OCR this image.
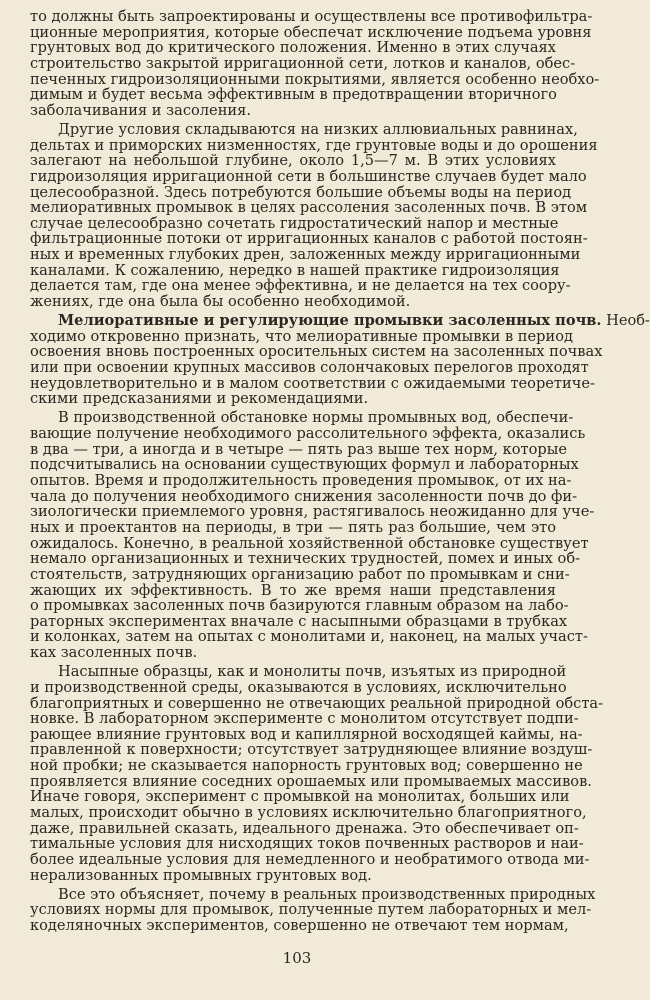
то должны быть запроектированы и осуществлены все противофильтра-
ционные мероприятия, которые обеспечат исключение подъема уровня
грунтовых вод до критического положения. Именно в этих случаях
строительство закрытой ирригационной сети, лотков и каналов, обес-
печенных гидроизоляционными покрытиями, является особенно необхо-
димым и будет весьма эффективным в предотвращении вторичного
заболачивания и засоления.
Другие условия складываются на низких аллювиальных равнинах,
дельтах и приморских низменностях, где грунтовые воды и до орошения
залегают на небольшой глубине, около 1,5—7 м. В этих условиях
гидроизоляция ирригационной сети в большинстве случаев будет мало
целесообразной. Здесь потребуются большие объемы воды на период
мелиоративных промывок в целях рассоления засоленных почв. В этом
случае целесообразно сочетать гидростатический напор и местные
фильтрационные потоки от ирригационных каналов с работой постоян-
ных и временных глубоких дрен, заложенных между ирригационными
каналами. К сожалению, нередко в нашей практике гидроизоляция
делается там, где она менее эффективна, и не делается на тех соору-
жениях, где она была бы особенно необходимой.
Мелиоративные и регулирующие промывки засоленных почв. Необ-
ходимо откровенно признать, что мелиоративные промывки в период
освоения вновь построенных оросительных систем на засоленных почвах
или при освоении крупных массивов солончаковых перелогов проходят
неудовлетворительно и в малом соответствии с ожидаемыми теоретиче-
скими предсказаниями и рекомендациями.
В производственной обстановке нормы промывных вод, обеспечи-
вающие получение необходимого рассолительного эффекта, оказались
в два — три, а иногда и в четыре — пять раз выше тех норм, которые
подсчитывались на основании существующих формул и лабораторных
опытов. Время и продолжительность проведения промывок, от их на-
чала до получения необходимого снижения засоленности почв до фи-
зиологически приемлемого уровня, растягивалось неожиданно для уче-
ных и проектантов на периоды, в три — пять раз большие, чем это
ожидалось. Конечно, в реальной хозяйственной обстановке существует
немало организационных и технических трудностей, помех и иных об-
стоятельств, затрудняющих организацию работ по промывкам и сни-
жающих их эффективность. В то же время наши представления
о промывках засоленных почв базируются главным образом на лабо-
раторных экспериментах вначале с насыпными образцами в трубках
и колонках, затем на опытах с монолитами и, наконец, на малых участ-
ках засоленных почв.
Насыпные образцы, как и монолиты почв, изъятых из природной
и производственной среды, оказываются в условиях, исключительно
благоприятных и совершенно не отвечающих реальной природной обста-
новке. В лабораторном эксперименте с монолитом отсутствует подпи-
рающее влияние грунтовых вод и капиллярной восходящей каймы, на-
правленной к поверхности; отсутствует затрудняющее влияние воздуш-
ной пробки; не сказывается напорность грунтовых вод; совершенно не
проявляется влияние соседних орошаемых или промываемых массивов.
Иначе говоря, эксперимент с промывкой на монолитах, больших или
малых, происходит обычно в условиях исключительно благоприятного,
даже, правильней сказать, идеального дренажа. Это обеспечивает оп-
тимальные условия для нисходящих токов почвенных растворов и наи-
более идеальные условия для немедленного и необратимого отвода ми-
нерализованных промывных грунтовых вод.
Все это объясняет, почему в реальных производственных природных
условиях нормы для промывок, полученные путем лабораторных и мел-
коделяночных экспериментов, совершенно не отвечают тем нормам,
103
